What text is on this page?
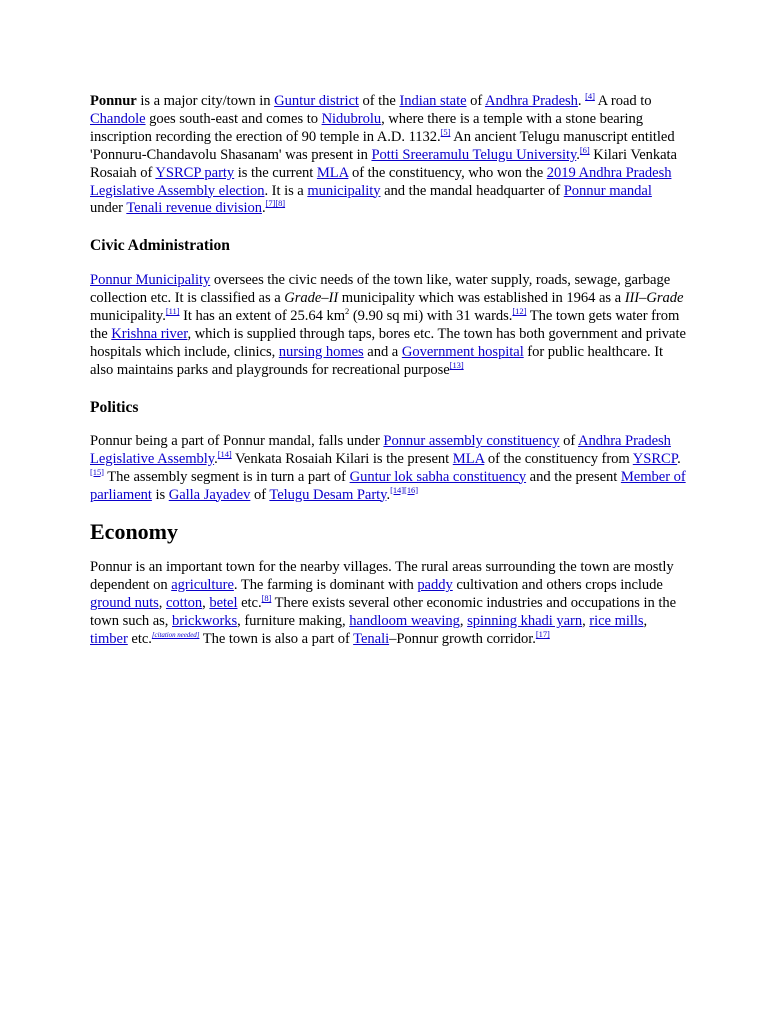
Ponnur is a major city/town in Guntur district of the Indian state of Andhra Pradesh. [4] A road to Chandole goes south-east and comes to Nidubrolu, where there is a temple with a stone bearing inscription recording the erection of 90 temple in A.D. 1132.[5] An ancient Telugu manuscript entitled 'Ponnuru-Chandavolu Shasanam' was present in Potti Sreeramulu Telugu University.[6] Kilari Venkata Rosaiah of YSRCP party is the current MLA of the constituency, who won the 2019 Andhra Pradesh Legislative Assembly election. It is a municipality and the mandal headquarter of Ponnur mandal under Tenali revenue division.[7][8]

Civic Administration

Ponnur Municipality oversees the civic needs of the town like, water supply, roads, sewage, garbage collection etc. It is classified as a Grade–II municipality which was established in 1964 as a III–Grade municipality.[11] It has an extent of 25.64 $km^2$ (9.90 sq mi) with 31 wards.[12] The town gets water from the Krishna river, which is supplied through taps, bores etc. The town has both government and private hospitals which include, clinics, nursing homes and a Government hospital for public healthcare. It also maintains parks and playgrounds for recreational purpose[13]

Politics

Ponnur being a part of Ponnur mandal, falls under Ponnur assembly constituency of Andhra Pradesh Legislative Assembly.[14] Venkata Rosaiah Kilari is the present MLA of the constituency from YSRCP.[15] The assembly segment is in turn a part of Guntur lok sabha constituency and the present Member of parliament is Galla Jayadev of Telugu Desam Party.[14][16]

Economy

Ponnur is an important town for the nearby villages. The rural areas surrounding the town are mostly dependent on agriculture. The farming is dominant with paddy cultivation and others crops include ground nuts, cotton, betel etc.[8] There exists several other economic industries and occupations in the town such as, brickworks, furniture making, handloom weaving, spinning khadi yarn, rice mills, timber etc.[citation needed] The town is also a part of Tenali–Ponnur growth corridor.[17]
